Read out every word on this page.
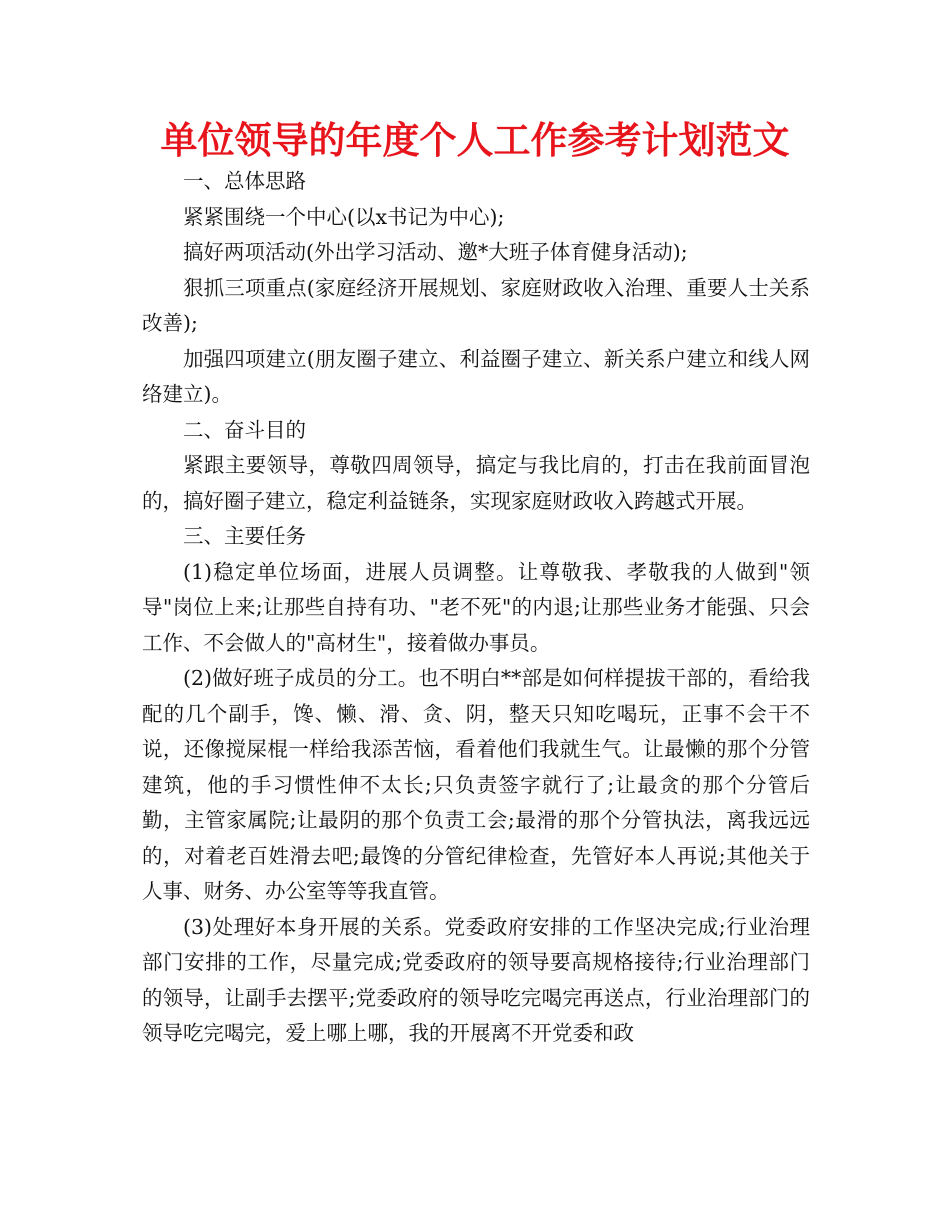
单位领导的年度个人工作参考计划范文

一、总体思路

紧紧围绕一个中心(以x书记为中心);

搞好两项活动(外出学习活动、邀*大班子体育健身活动);

狠抓三项重点(家庭经济开展规划、家庭财政收入治理、重要人士关系改善);

加强四项建立(朋友圈子建立、利益圈子建立、新关系户建立和线人网络建立)。

二、奋斗目的

紧跟主要领导，尊敬四周领导，搞定与我比肩的，打击在我前面冒泡的，搞好圈子建立，稳定利益链条，实现家庭财政收入跨越式开展。

三、主要任务

(1)稳定单位场面，进展人员调整。让尊敬我、孝敬我的人做到"领导"岗位上来;让那些自持有功、"老不死"的内退;让那些业务才能强、只会工作、不会做人的"高材生"，接着做办事员。

(2)做好班子成员的分工。也不明白**部是如何样提拔干部的，看给我配的几个副手，馋、懒、滑、贪、阴，整天只知吃喝玩，正事不会干不说，还像搅屎棍一样给我添苦恼，看着他们我就生气。让最懒的那个分管建筑，他的手习惯性伸不太长;只负责签字就行了;让最贪的那个分管后勤，主管家属院;让最阴的那个负责工会;最滑的那个分管执法，离我远远的，对着老百姓滑去吧;最馋的分管纪律检查，先管好本人再说;其他关于人事、财务、办公室等等我直管。

(3)处理好本身开展的关系。党委政府安排的工作坚决完成;行业治理部门安排的工作，尽量完成;党委政府的领导要高规格接待;行业治理部门的领导，让副手去摆平;党委政府的领导吃完喝完再送点，行业治理部门的领导吃完喝完，爱上哪上哪，我的开展离不开党委和政
